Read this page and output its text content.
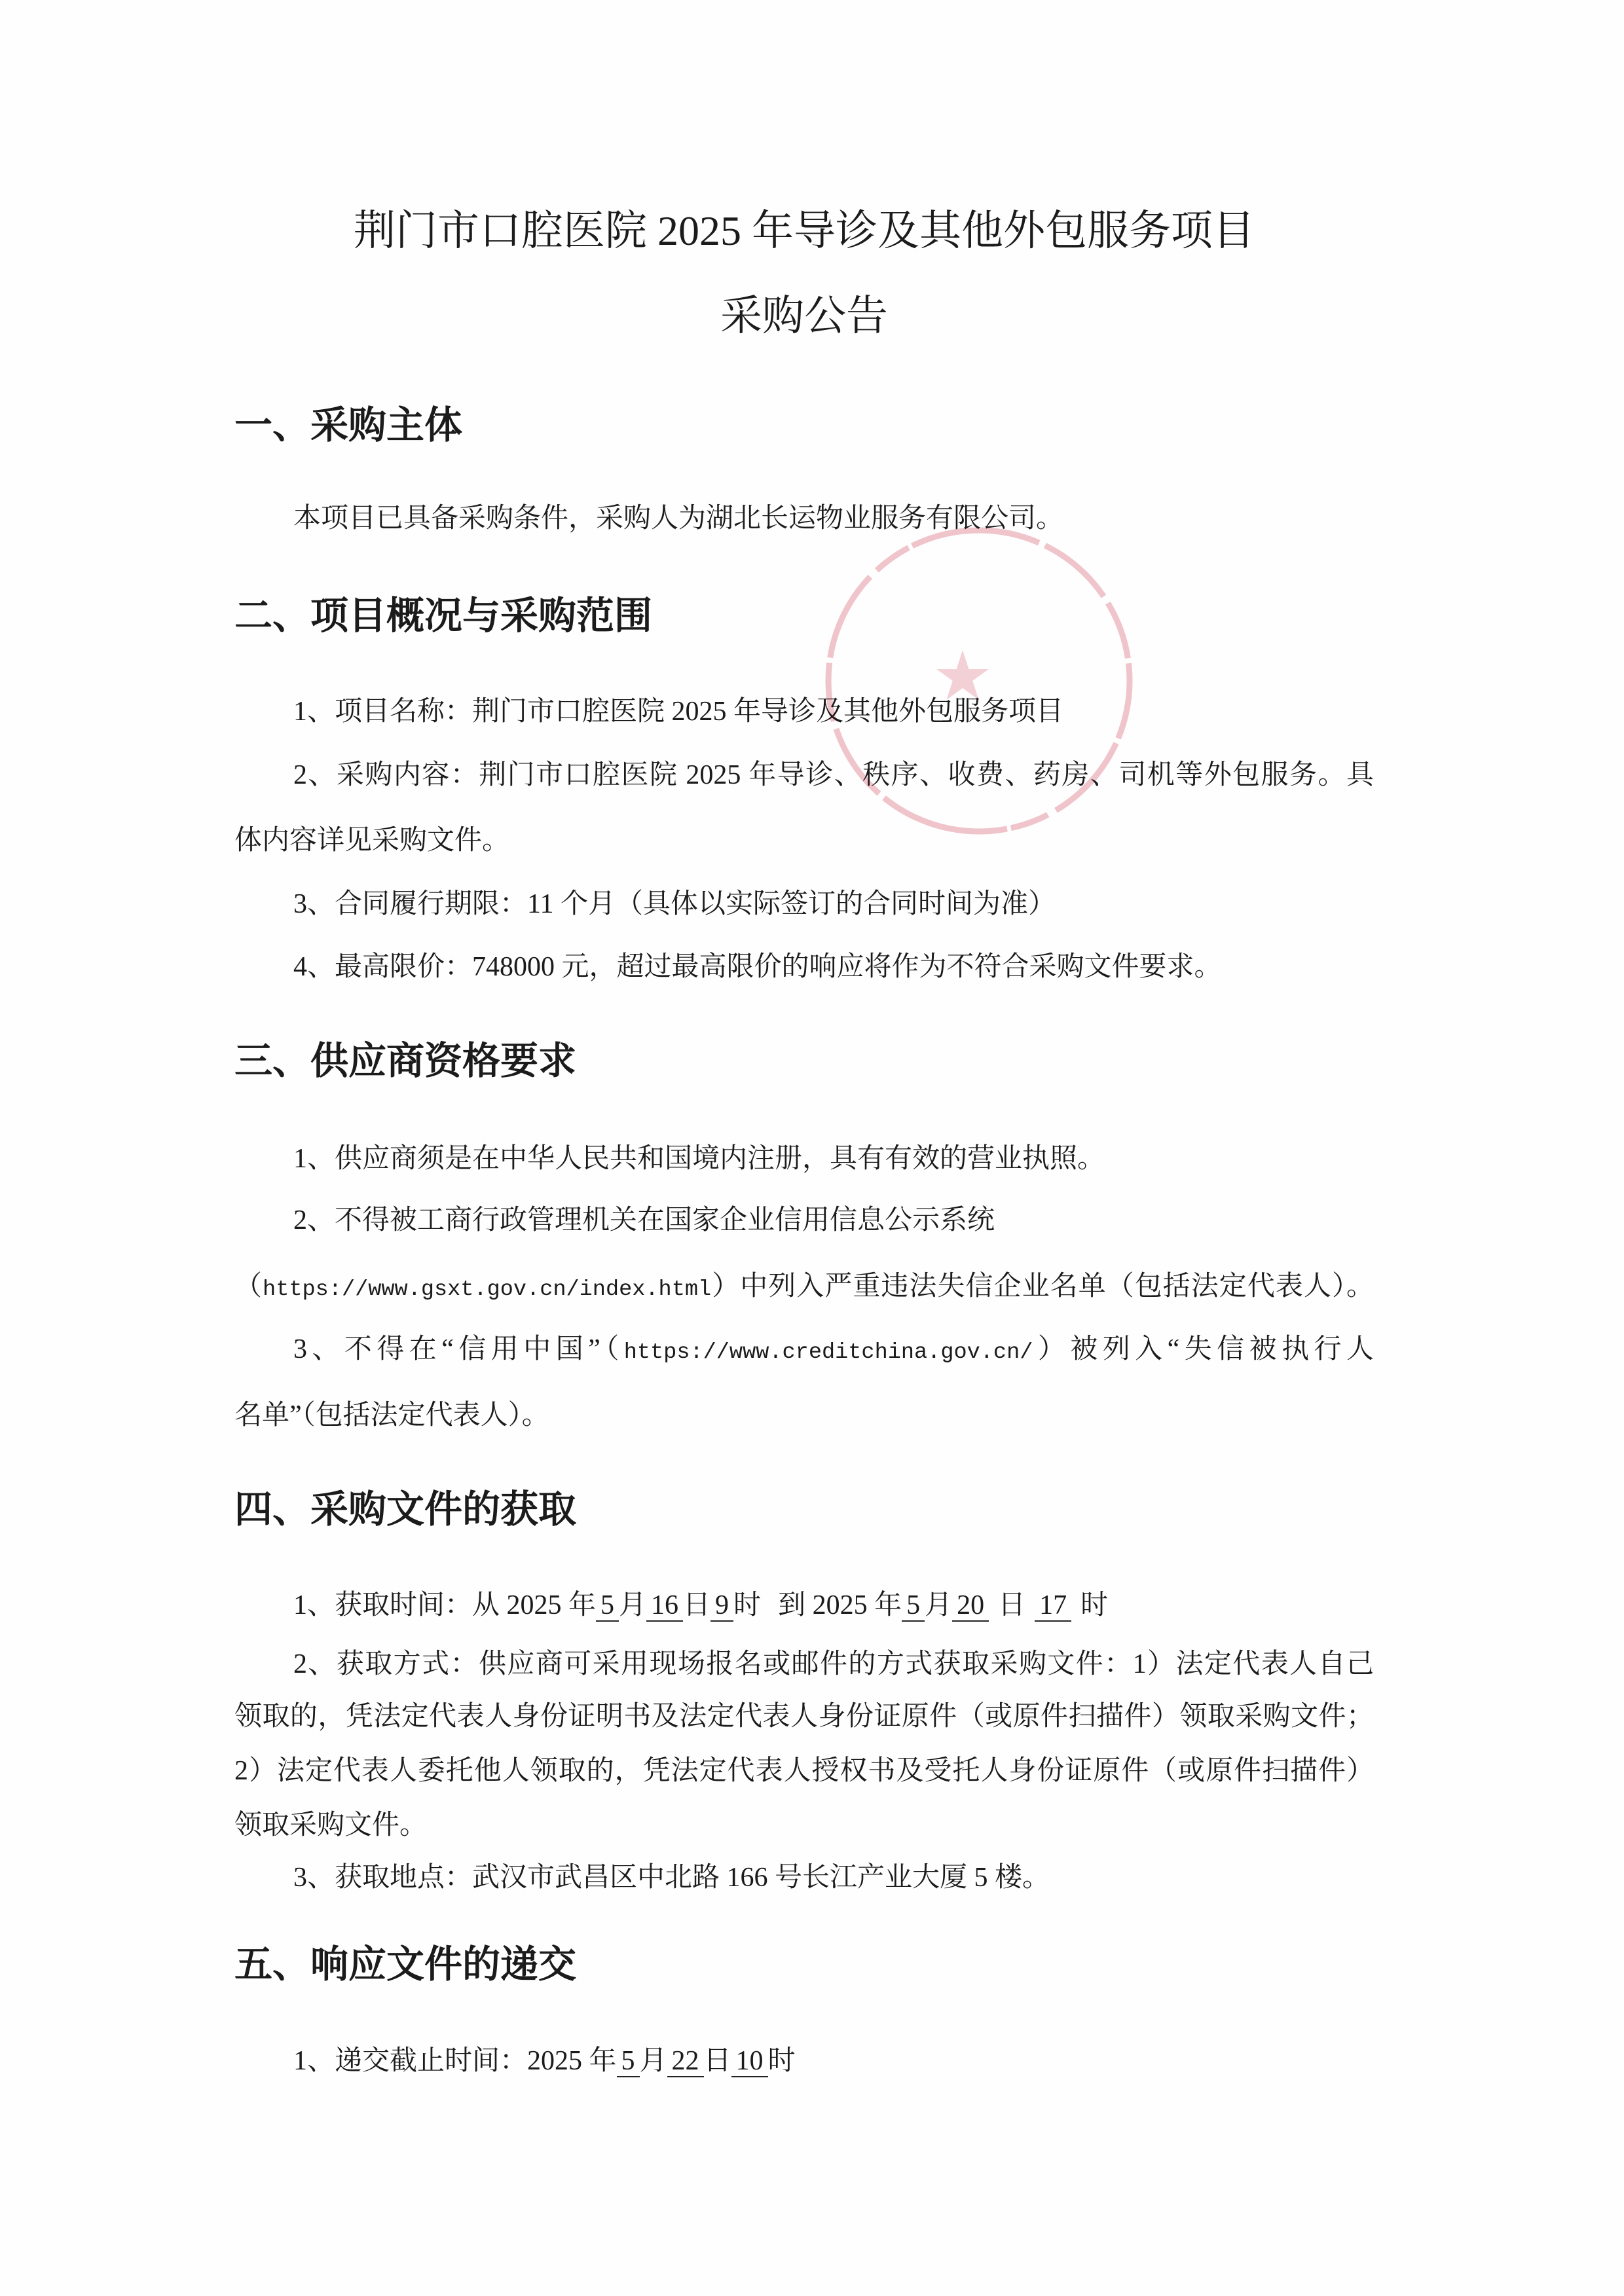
荆门市口腔医院 2025 年导诊及其他外包服务项目
采购公告
一、采购主体
本项目已具备采购条件，采购人为湖北长运物业服务有限公司。
二、项目概况与采购范围
1、项目名称：荆门市口腔医院 2025 年导诊及其他外包服务项目
2、采购内容：荆门市口腔医院 2025 年导诊、秩序、收费、药房、司机等外包服务。具
体内容详见采购文件。
3、合同履行期限：11 个月（具体以实际签订的合同时间为准）
4、最高限价：748000 元，超过最高限价的响应将作为不符合采购文件要求。
三、供应商资格要求
1、供应商须是在中华人民共和国境内注册，具有有效的营业执照。
2、不得被工商行政管理机关在国家企业信用信息公示系统
（https://www.gsxt.gov.cn/index.html）中列入严重违法失信企业名单（包括法定代表人）。
3、不得在“信用中国”（https://www.creditchina.gov.cn/）被列入“失信被执行人
名单”（包括法定代表人）。
四、采购文件的获取
1、获取时间：从 2025 年 5 月 16 日 9 时 到 2025 年 5 月 20 日 17 时
2、获取方式：供应商可采用现场报名或邮件的方式获取采购文件：1）法定代表人自己
领取的，凭法定代表人身份证明书及法定代表人身份证原件（或原件扫描件）领取采购文件；
2）法定代表人委托他人领取的，凭法定代表人授权书及受托人身份证原件（或原件扫描件）
领取采购文件。
3、获取地点：武汉市武昌区中北路 166 号长江产业大厦 5 楼。
五、响应文件的递交
1、递交截止时间：2025 年 5 月 22 日 10 时
